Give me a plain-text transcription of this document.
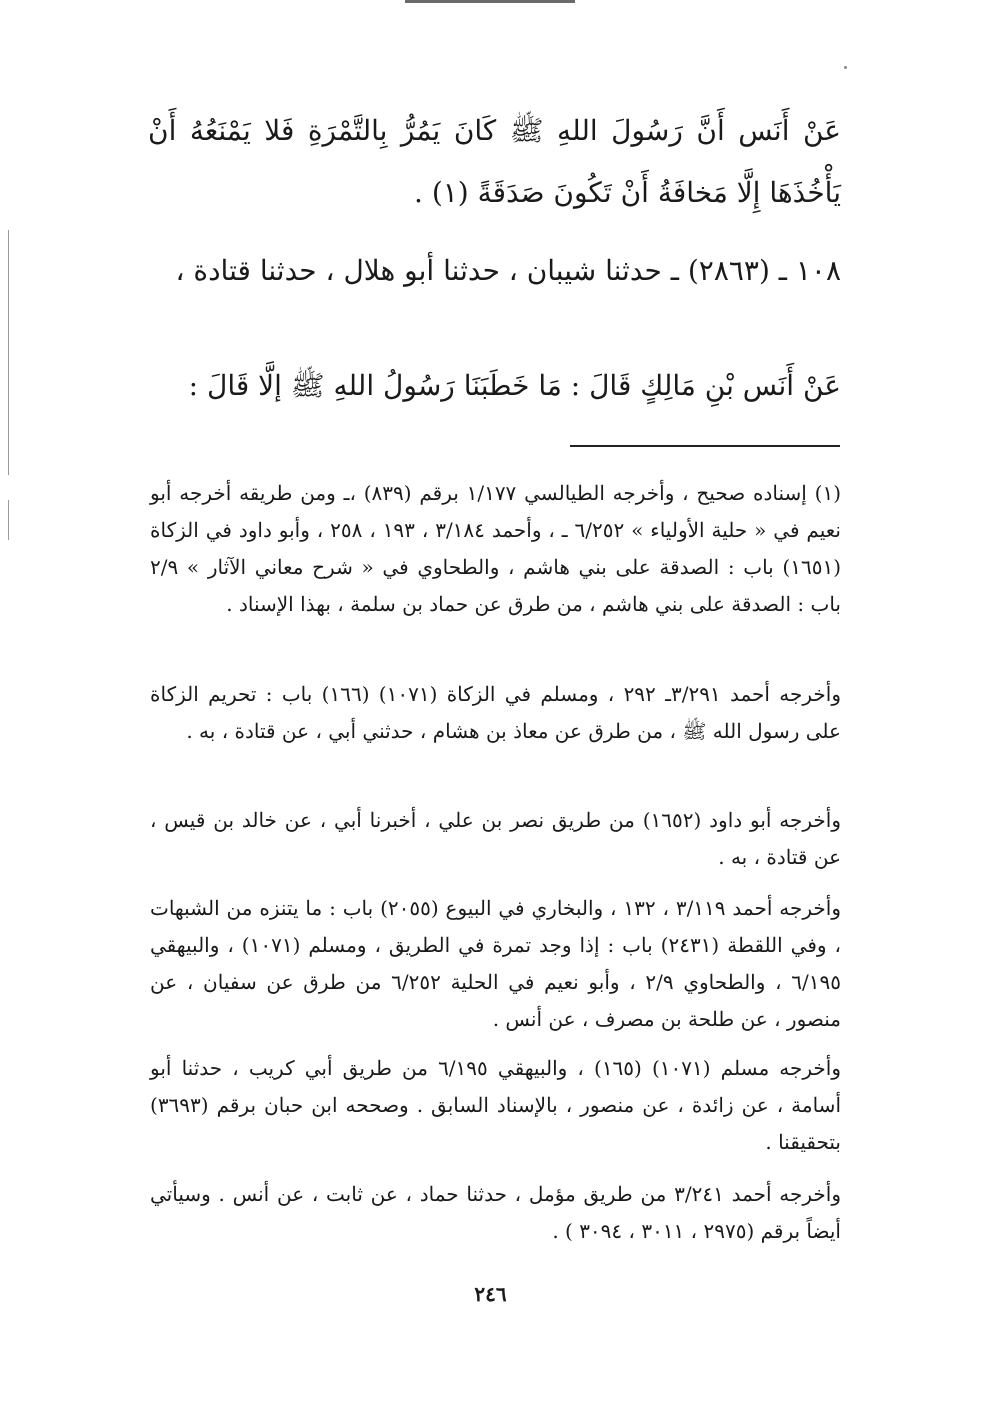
عَنْ أَنَس أَنَّ رَسُولَ اللهِ ﷺ كَانَ يَمُرُّ بِالتَّمْرَةِ فَلا يَمْنَعُهُ أَنْ يَأْخُذَهَا إِلَّا مَخافَةُ أَنْ تَكُونَ صَدَقَةً (١) .
١٠٨ ـ (٢٨٦٣) ـ حدثنا شيبان ، حدثنا أبو هلال ، حدثنا قتادة ،
عَنْ أَنَس بْنِ مَالِكٍ قَالَ : مَا خَطَبَنَا رَسُولُ اللهِ ﷺ إلَّا قَالَ :

(١) إسناده صحيح ، وأخرجه الطيالسي ١/١٧٧ برقم (٨٣٩) ،ـ ومن طريقه أخرجه أبو نعيم في « حلية الأولياء » ٦/٢٥٢ ـ ، وأحمد ٣/١٨٤ ، ١٩٣ ، ٢٥٨ ، وأبو داود في الزكاة (١٦٥١) باب : الصدقة على بني هاشم ، والطحاوي في « شرح معاني الآثار » ٢/٩ باب : الصدقة على بني هاشم ، من طرق عن حماد بن سلمة ، بهذا الإسناد .

وأخرجه أحمد ٣/٢٩١ـ ٢٩٢ ، ومسلم في الزكاة (١٠٧١) (١٦٦) باب : تحريم الزكاة على رسول الله ﷺ ، من طرق عن معاذ بن هشام ، حدثني أبي ، عن قتادة ، به .

وأخرجه أبو داود (١٦٥٢) من طريق نصر بن علي ، أخبرنا أبي ، عن خالد بن قيس ، عن قتادة ، به .

وأخرجه أحمد ٣/١١٩ ، ١٣٢ ، والبخاري في البيوع (٢٠٥٥) باب : ما يتنزه من الشبهات ، وفي اللقطة (٢٤٣١) باب : إذا وجد تمرة في الطريق ، ومسلم (١٠٧١) ، والبيهقي ٦/١٩٥ ، والطحاوي ٢/٩ ، وأبو نعيم في الحلية ٦/٢٥٢ من طرق عن سفيان ، عن منصور ، عن طلحة بن مصرف ، عن أنس .

وأخرجه مسلم (١٠٧١) (١٦٥) ، والبيهقي ٦/١٩٥ من طريق أبي كريب ، حدثنا أبو أسامة ، عن زائدة ، عن منصور ، بالإسناد السابق . وصححه ابن حبان برقم (٣٦٩٣) بتحقيقنا .

وأخرجه أحمد ٣/٢٤١ من طريق مؤمل ، حدثنا حماد ، عن ثابت ، عن أنس . وسيأتي أيضاً برقم (٢٩٧٥ ، ٣٠١١ ، ٣٠٩٤ ) .

٢٤٦
